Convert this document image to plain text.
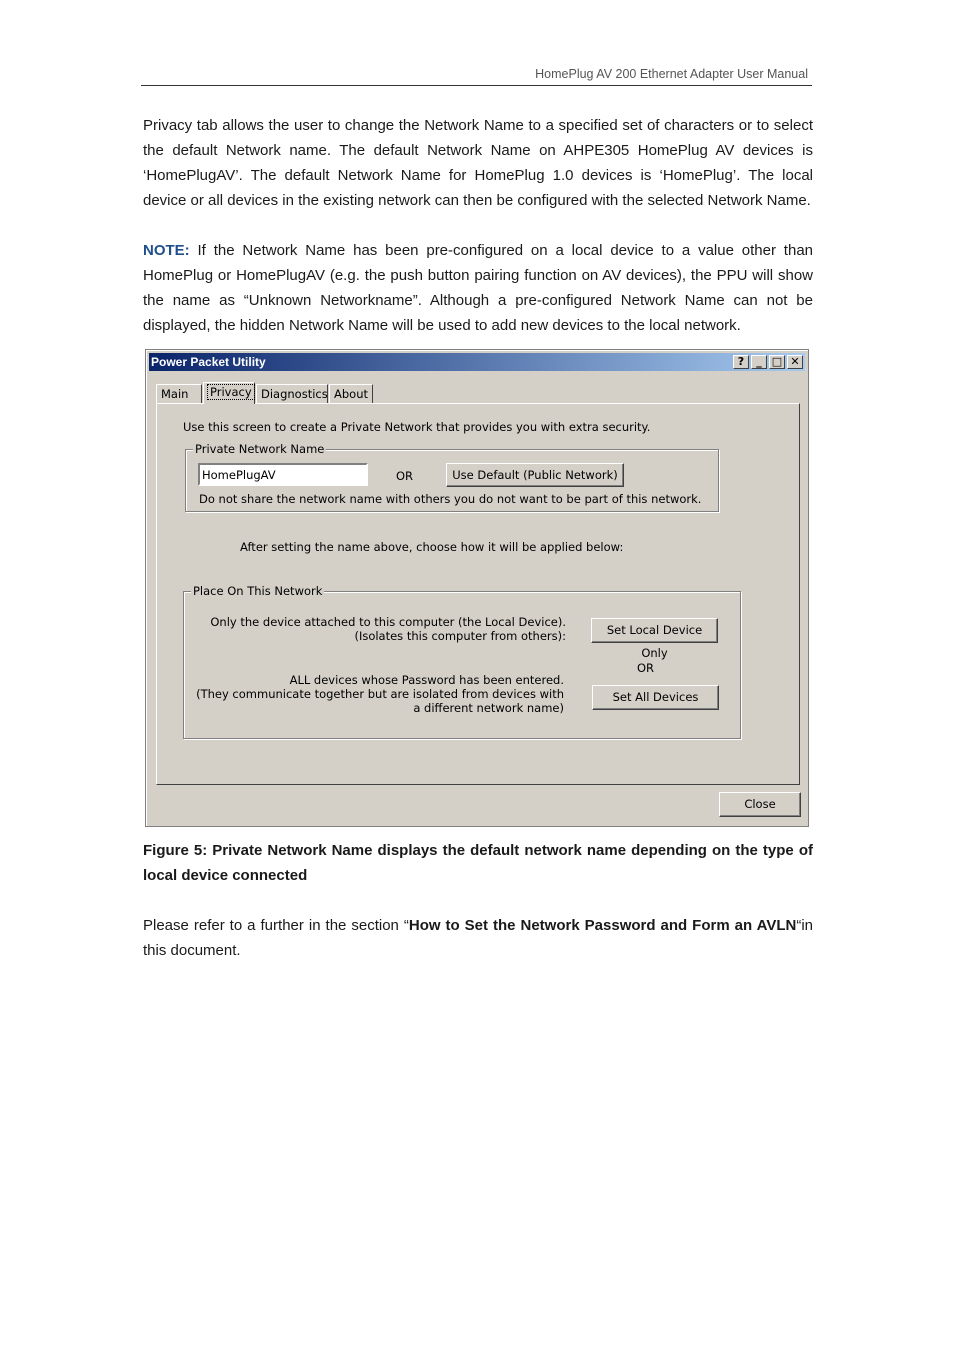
HomePlug AV 200 Ethernet Adapter User Manual
Privacy tab allows the user to change the Network Name to a specified set of characters or to select the default Network name. The default Network Name on AHPE305 HomePlug AV devices is ‘HomePlugAV’. The default Network Name for HomePlug 1.0 devices is ‘HomePlug’. The local device or all devices in the existing network can then be configured with the selected Network Name.
NOTE: If the Network Name has been pre-configured on a local device to a value other than HomePlug or HomePlugAV (e.g. the push button pairing function on AV devices), the PPU will show the name as “Unknown Networkname”. Although a pre-configured Network Name can not be displayed, the hidden Network Name will be used to add new devices to the local network.
Power Packet Utility	?	_ □ ✕
Main	Privacy Diagnostics About
Use this screen to create a Private Network that provides you with extra security.
Private Network Name
HomePlugAV
OR	Use Default (Public Network)
Do not share the network name with others you do not want to be part of this network.
After setting the name above, choose how it will be applied below:
Place On This Network
Only the device attached to this computer (the Local Device).
(Isolates this computer from others):	Set Local Device Only
OR
ALL devices whose Password has been entered.
(They communicate together but are isolated from devices with
a different network name)
Set All Devices
Close
Figure 5: Private Network Name displays the default network name depending on the type of local device connected
Please refer to a further in the section “How to Set the Network Password and Form an AVLN“in this document.
